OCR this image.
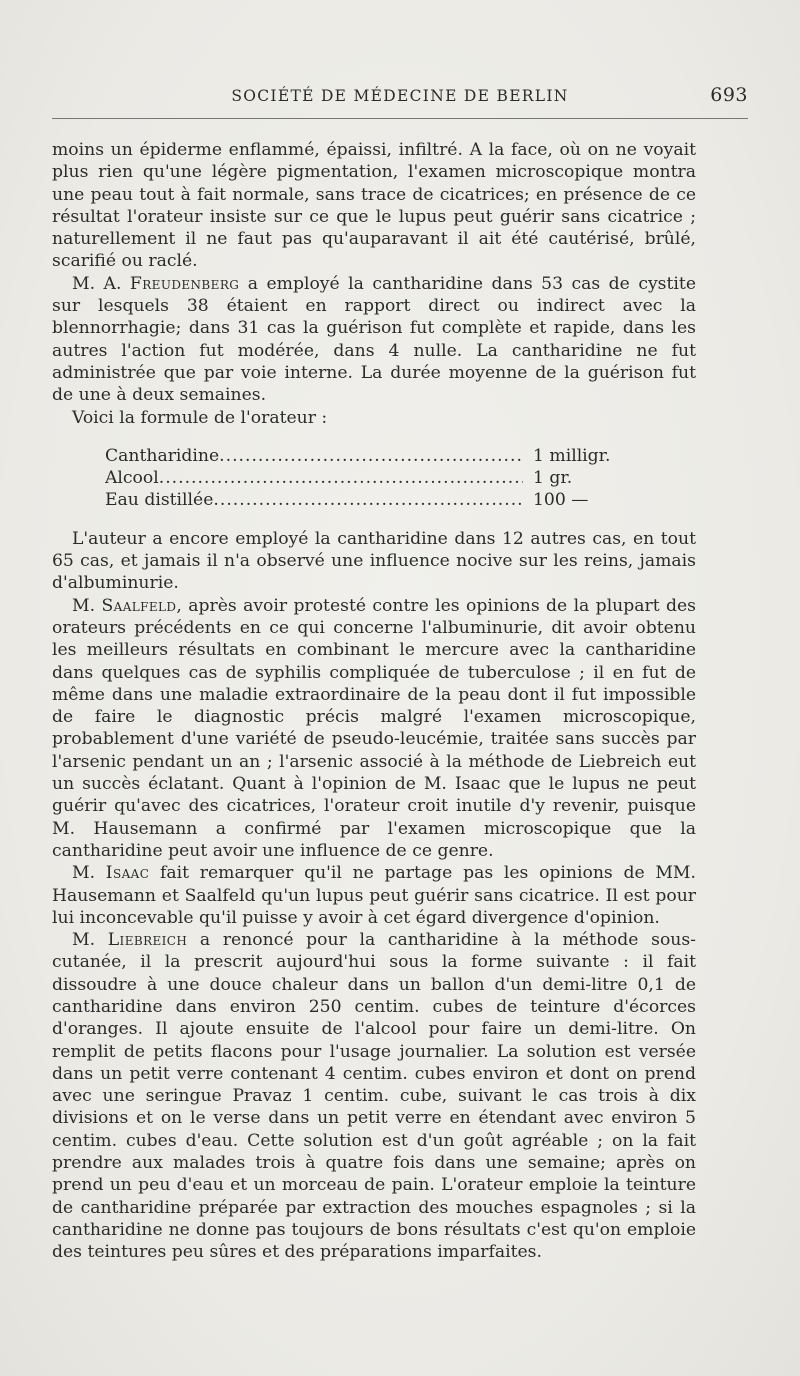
SOCIÉTÉ DE MÉDECINE DE BERLIN	693

moins un épiderme enflammé, épaissi, infiltré. A la face, où on ne voyait plus rien qu'une légère pigmentation, l'examen microscopique montra une peau tout à fait normale, sans trace de cicatrices; en présence de ce résultat l'orateur insiste sur ce que le lupus peut guérir sans cicatrice ; naturellement il ne faut pas qu'auparavant il ait été cautérisé, brûlé, scarifié ou raclé.

M. A. Freudenberg a employé la cantharidine dans 53 cas de cystite sur lesquels 38 étaient en rapport direct ou indirect avec la blennorrhagie; dans 31 cas la guérison fut complète et rapide, dans les autres l'action fut modérée, dans 4 nulle. La cantharidine ne fut administrée que par voie interne. La durée moyenne de la guérison fut de une à deux semaines.

Voici la formule de l'orateur :

Cantharidine .....	1 milligr.
Alcool .....	1 gr.
Eau distillée .....	100 —

L'auteur a encore employé la cantharidine dans 12 autres cas, en tout 65 cas, et jamais il n'a observé une influence nocive sur les reins, jamais d'albuminurie.

M. Saalfeld, après avoir protesté contre les opinions de la plupart des orateurs précédents en ce qui concerne l'albuminurie, dit avoir obtenu les meilleurs résultats en combinant le mercure avec la cantharidine dans quelques cas de syphilis compliquée de tuberculose ; il en fut de même dans une maladie extraordinaire de la peau dont il fut impossible de faire le diagnostic précis malgré l'examen microscopique, probablement d'une variété de pseudo-leucémie, traitée sans succès par l'arsenic pendant un an ; l'arsenic associé à la méthode de Liebreich eut un succès éclatant. Quant à l'opinion de M. Isaac que le lupus ne peut guérir qu'avec des cicatrices, l'orateur croit inutile d'y revenir, puisque M. Hausemann a confirmé par l'examen microscopique que la cantharidine peut avoir une influence de ce genre.

M. Isaac fait remarquer qu'il ne partage pas les opinions de MM. Hausemann et Saalfeld qu'un lupus peut guérir sans cicatrice. Il est pour lui inconcevable qu'il puisse y avoir à cet égard divergence d'opinion.

M. Liebreich a renoncé pour la cantharidine à la méthode sous-cutanée, il la prescrit aujourd'hui sous la forme suivante : il fait dissoudre à une douce chaleur dans un ballon d'un demi-litre 0,1 de cantharidine dans environ 250 centim. cubes de teinture d'écorces d'oranges. Il ajoute ensuite de l'alcool pour faire un demi-litre. On remplit de petits flacons pour l'usage journalier. La solution est versée dans un petit verre contenant 4 centim. cubes environ et dont on prend avec une seringue Pravaz 1 centim. cube, suivant le cas trois à dix divisions et on le verse dans un petit verre en étendant avec environ 5 centim. cubes d'eau. Cette solution est d'un goût agréable ; on la fait prendre aux malades trois à quatre fois dans une semaine; après on prend un peu d'eau et un morceau de pain. L'orateur emploie la teinture de cantharidine préparée par extraction des mouches espagnoles ; si la cantharidine ne donne pas toujours de bons résultats c'est qu'on emploie des teintures peu sûres et des préparations imparfaites.
